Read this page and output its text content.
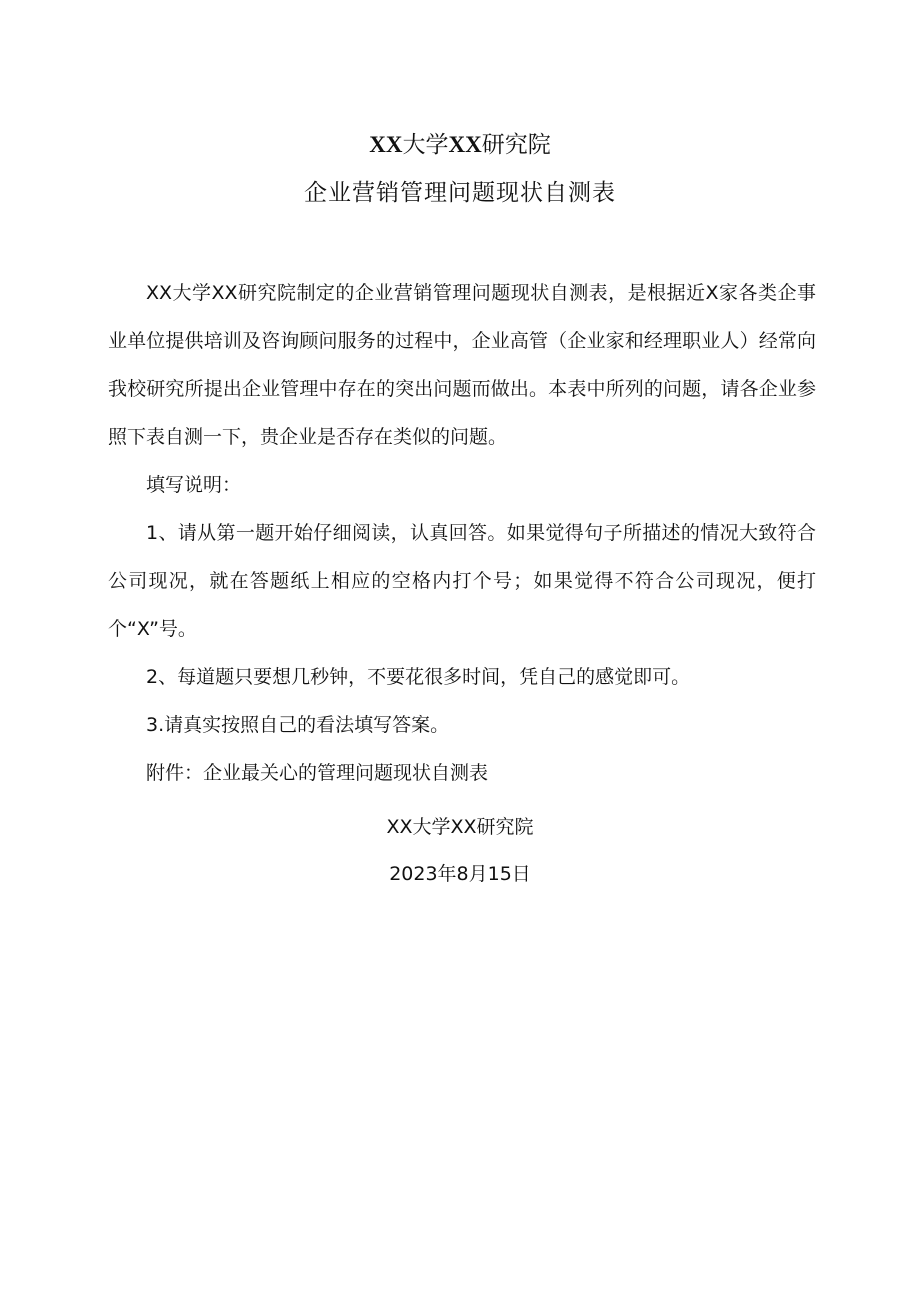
XX大学XX研究院
企业营销管理问题现状自测表

XX大学XX研究院制定的企业营销管理问题现状自测表，是根据近X家各类企事业单位提供培训及咨询顾问服务的过程中，企业高管（企业家和经理职业人）经常向我校研究所提出企业管理中存在的突出问题而做出。本表中所列的问题，请各企业参照下表自测一下，贵企业是否存在类似的问题。

填写说明：

1、请从第一题开始仔细阅读，认真回答。如果觉得句子所描述的情况大致符合公司现况，就在答题纸上相应的空格内打个号；如果觉得不符合公司现况，便打个“X”号。

2、每道题只要想几秒钟，不要花很多时间，凭自己的感觉即可。

3.请真实按照自己的看法填写答案。

附件：企业最关心的管理问题现状自测表

XX大学XX研究院
2023年8月15日
